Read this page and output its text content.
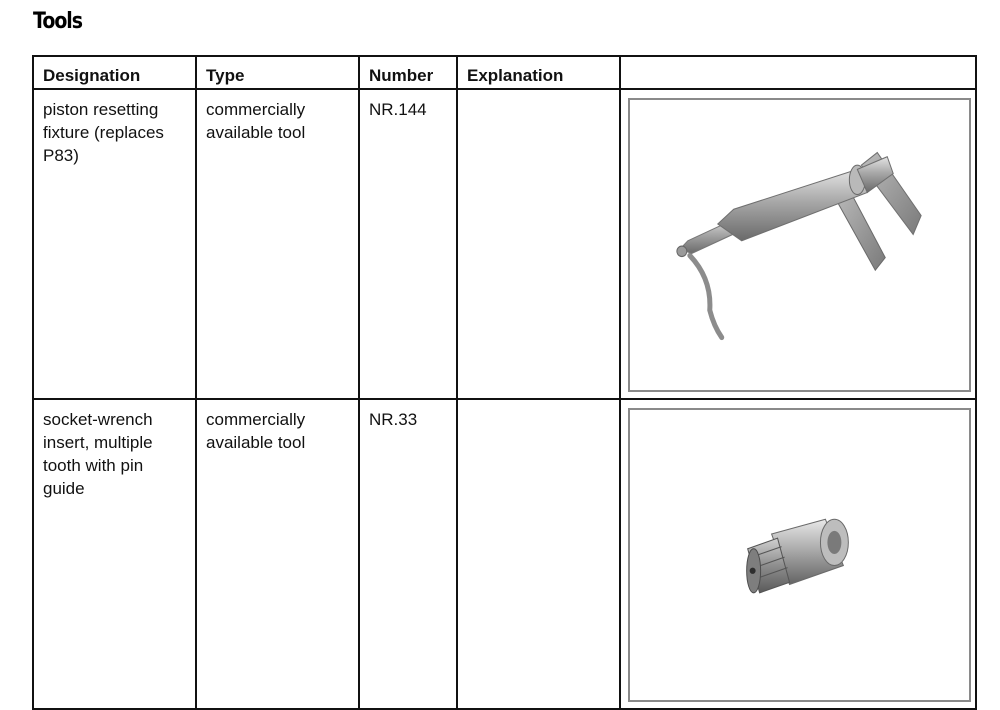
Tools
Designation	Type	Number	Explanation	
piston resetting fixture (replaces P83)	commercially available tool	NR.144		

socket-wrench insert, multiple tooth with pin guide	commercially available tool	NR.33		
